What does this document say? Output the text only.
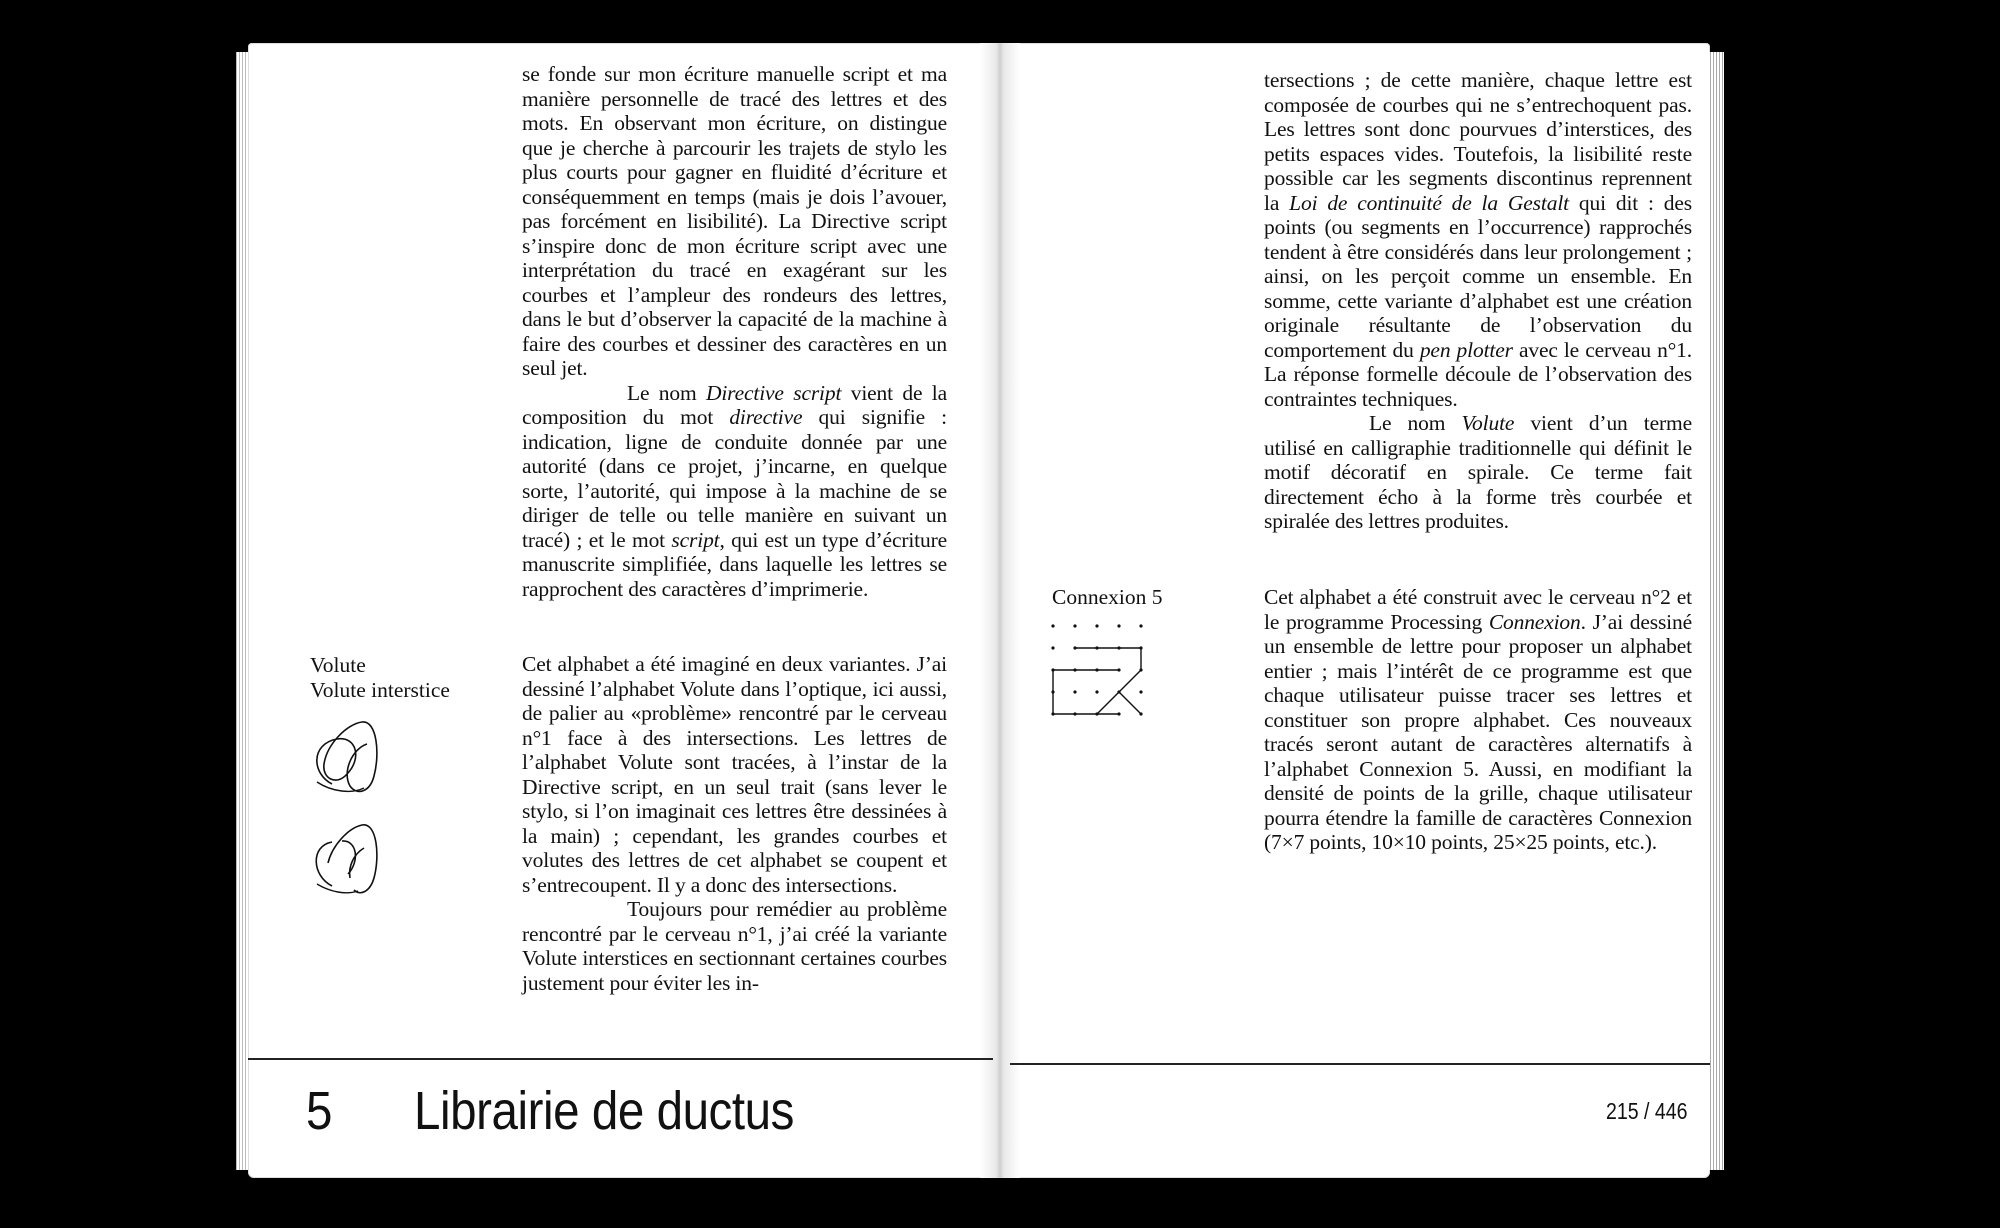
se fonde sur mon écriture manuelle script et ma manière personnelle de tracé des lettres et des mots. En observant mon écriture, on distingue que je cherche à parcourir les trajets de stylo les plus courts pour gagner en fluidité d’écriture et conséquemment en temps (mais je dois l’avouer, pas forcément en lisibilité). La Directive script s’inspire donc de mon écriture script avec une interprétation du tracé en exagérant sur les courbes et l’ampleur des rondeurs des lettres, dans le but d’observer la capacité de la machine à faire des courbes et dessiner des caractères en un seul jet.

Le nom Directive script vient de la composition du mot directive qui signifie : indication, ligne de conduite donnée par une autorité (dans ce projet, j’incarne, en quelque sorte, l’autorité, qui impose à la machine de se diriger de telle ou telle manière en suivant un tracé) ; et le mot script, qui est un type d’écriture manuscrite simplifiée, dans laquelle les lettres se rapprochent des caractères d’imprimerie.

Volute
Volute interstice

Cet alphabet a été imaginé en deux variantes. J’ai dessiné l’alphabet Volute dans l’optique, ici aussi, de palier au «problème» rencontré par le cerveau n°1 face à des intersections. Les lettres de l’alphabet Volute sont tracées, à l’instar de la Directive script, en un seul trait (sans lever le stylo, si l’on imaginait ces lettres être dessinées à la main) ; cependant, les grandes courbes et volutes des lettres de cet alphabet se coupent et s’entrecoupent. Il y a donc des intersections.

Toujours pour remédier au problème rencontré par le cerveau n°1, j’ai créé la variante Volute interstices en sectionnant certaines courbes justement pour éviter les in-

5 Librairie de ductus

tersections ; de cette manière, chaque lettre est composée de courbes qui ne s’entrechoquent pas. Les lettres sont donc pourvues d’interstices, des petits espaces vides. Toutefois, la lisibilité reste possible car les segments discontinus reprennent la Loi de continuité de la Gestalt qui dit : des points (ou segments en l’occurrence) rapprochés tendent à être considérés dans leur prolongement ; ainsi, on les perçoit comme un ensemble. En somme, cette variante d’alphabet est une création originale résultante de l’observation du comportement du pen plotter avec le cerveau n°1. La réponse formelle découle de l’observation des contraintes techniques.

Le nom Volute vient d’un terme utilisé en calligraphie traditionnelle qui définit le motif décoratif en spirale. Ce terme fait directement écho à la forme très courbée et spiralée des lettres produites.

Connexion 5	Cet alphabet a été construit avec le cerveau n°2 et le programme Processing Connexion. J’ai dessiné un ensemble de lettre pour proposer un alphabet entier ; mais l’intérêt de ce programme est que chaque utilisateur puisse tracer ses lettres et constituer son propre alphabet. Ces nouveaux tracés seront autant de caractères alternatifs à l’alphabet Connexion 5. Aussi, en modifiant la densité de points de la grille, chaque utilisateur pourra étendre la famille de caractères Connexion (7×7 points, 10×10 points, 25×25 points, etc.).

215 / 446
